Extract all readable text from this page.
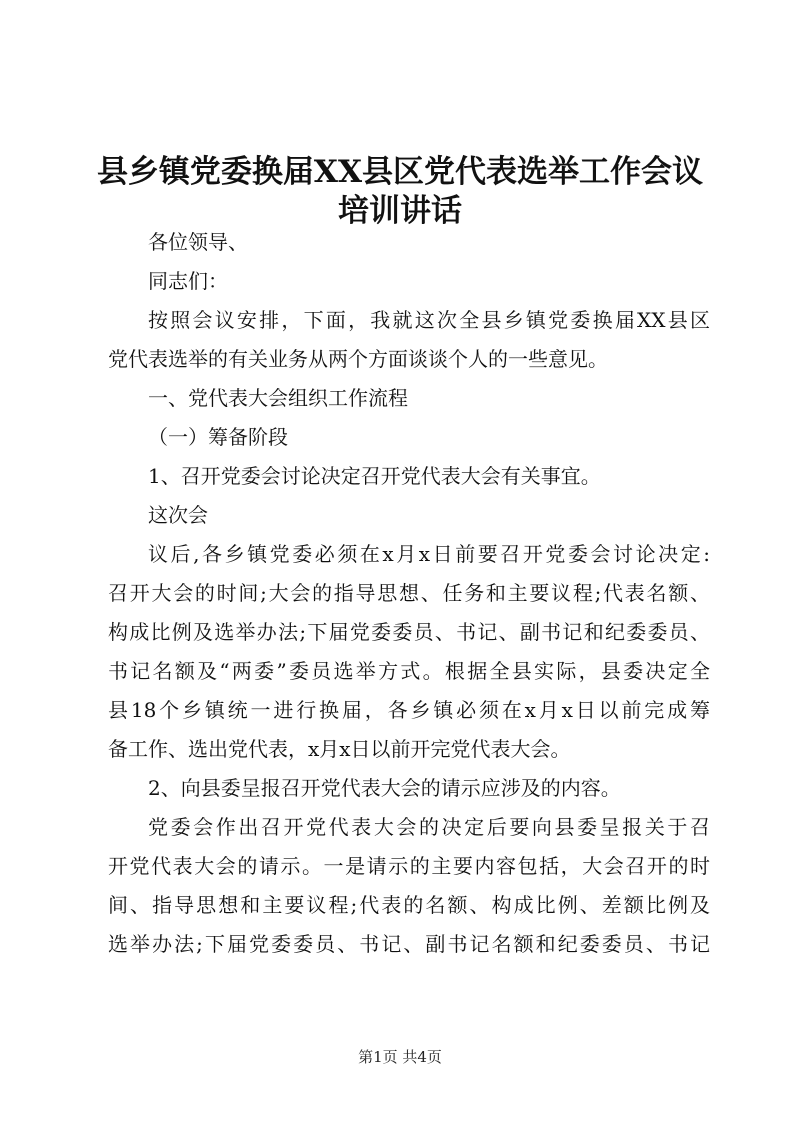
县乡镇党委换届XX县区党代表选举工作会议
培训讲话
各位领导、
同志们：
按照会议安排，下面，我就这次全县乡镇党委换届XX县区
党代表选举的有关业务从两个方面谈谈个人的一些意见。
一、党代表大会组织工作流程
（一）筹备阶段
1、召开党委会讨论决定召开党代表大会有关事宜。
这次会
议后,各乡镇党委必须在x月x日前要召开党委会讨论决定:
召开大会的时间;大会的指导思想、任务和主要议程;代表名额、
构成比例及选举办法;下届党委委员、书记、副书记和纪委委员、
书记名额及“两委”委员选举方式。根据全县实际，县委决定全
县18个乡镇统一进行换届，各乡镇必须在x月x日以前完成筹
备工作、选出党代表，x月x日以前开完党代表大会。
2、向县委呈报召开党代表大会的请示应涉及的内容。
党委会作出召开党代表大会的决定后要向县委呈报关于召
开党代表大会的请示。一是请示的主要内容包括，大会召开的时
间、指导思想和主要议程;代表的名额、构成比例、差额比例及
选举办法;下届党委委员、书记、副书记名额和纪委委员、书记
第1页 共4页
